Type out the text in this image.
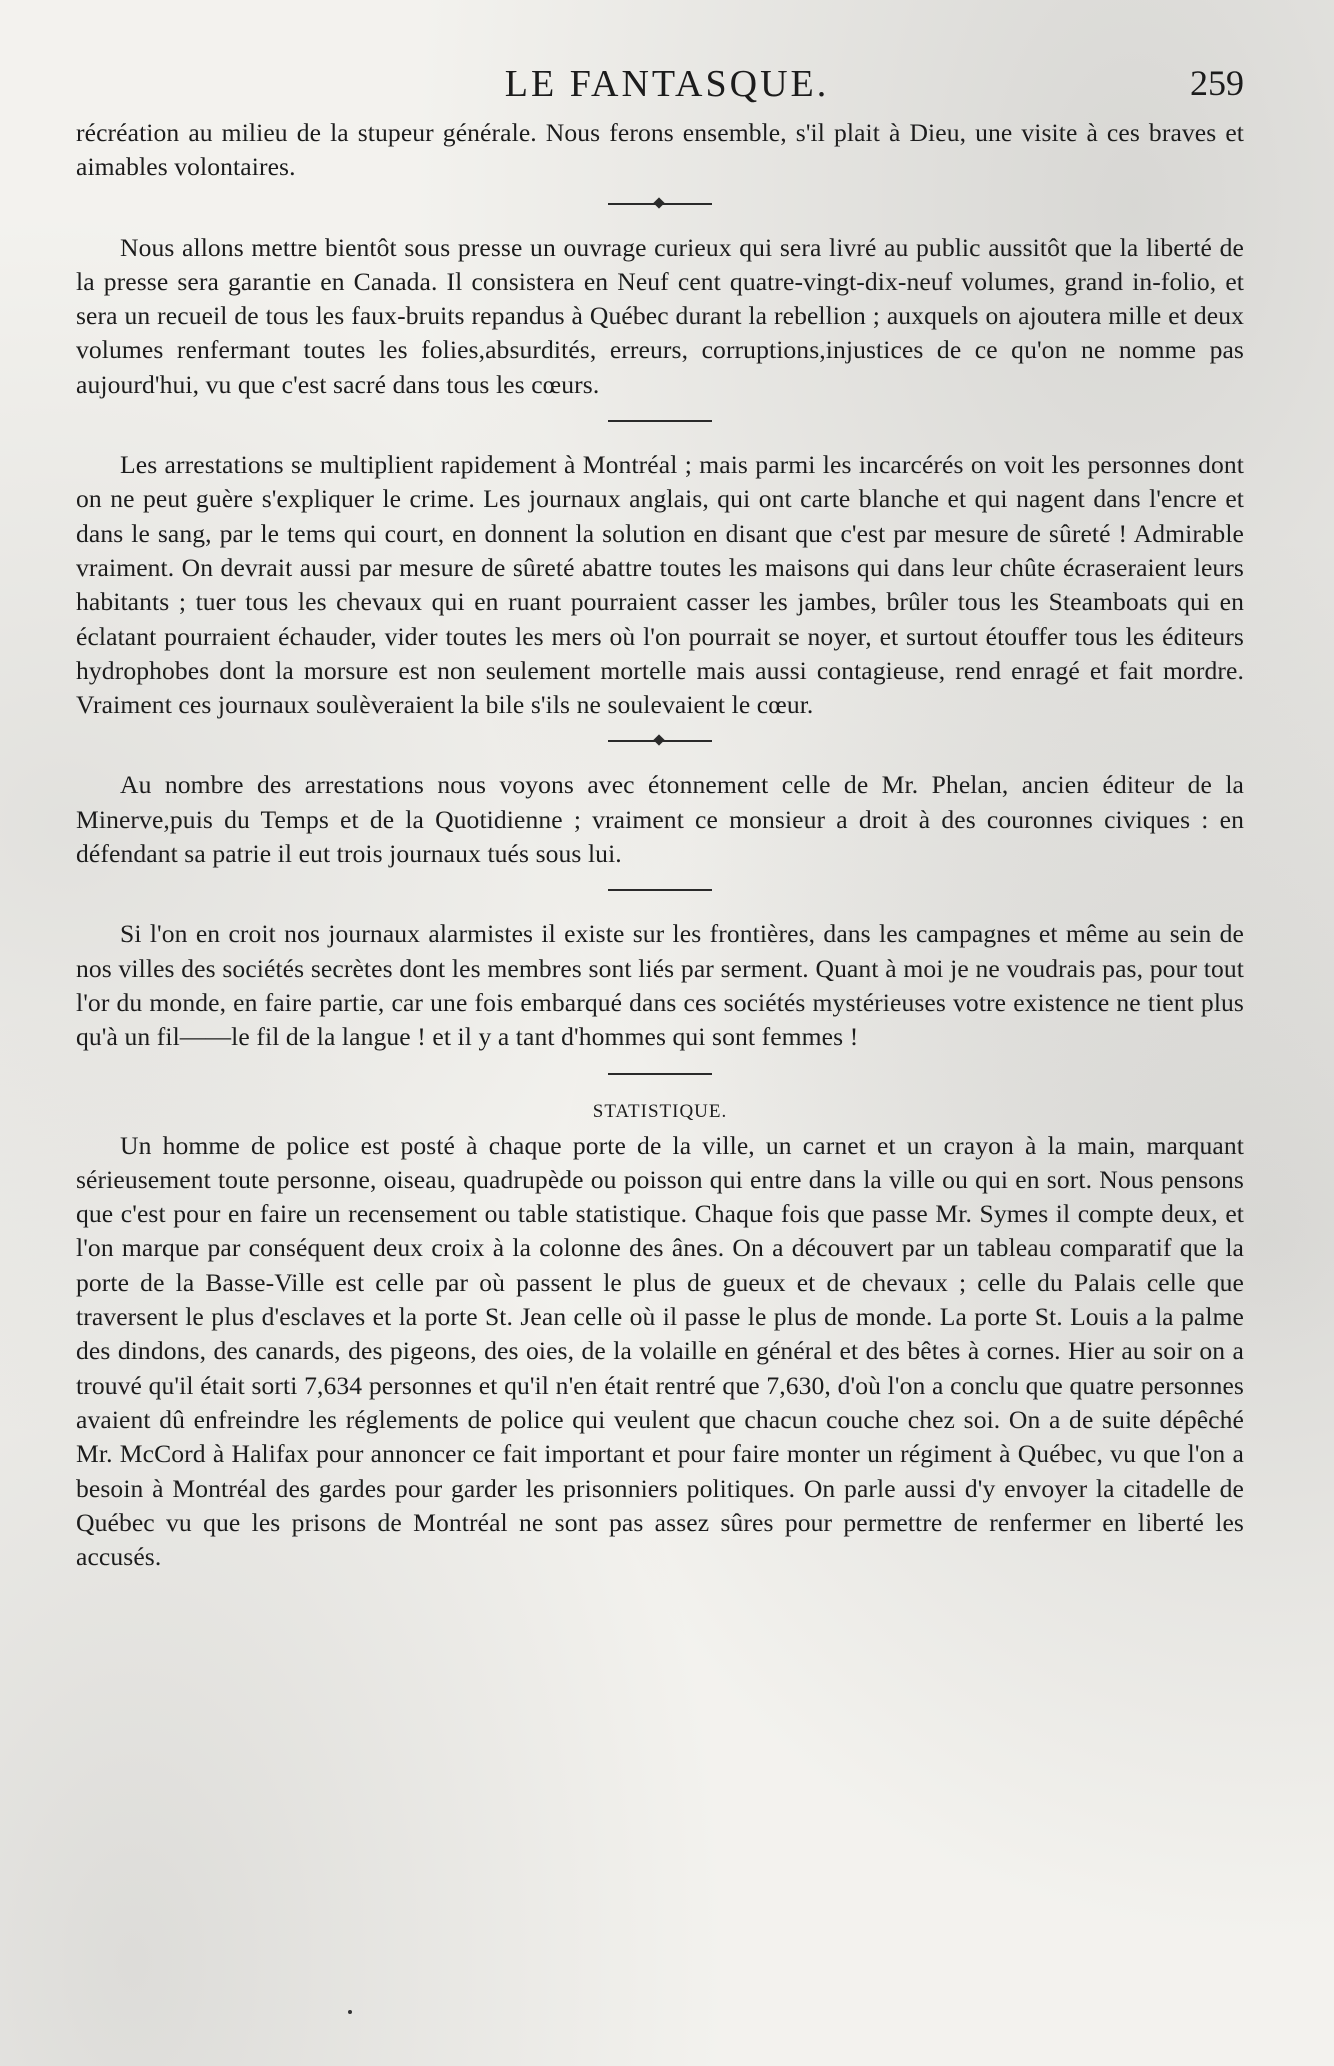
LE FANTASQUE.	259

récréation au milieu de la stupeur générale. Nous ferons ensemble, s'il plait à Dieu, une visite à ces braves et aimables volontaires.

Nous allons mettre bientôt sous presse un ouvrage curieux qui sera livré au public aussitôt que la liberté de la presse sera garantie en Canada. Il consistera en Neuf cent quatre-vingt-dix-neuf volumes, grand in-folio, et sera un recueil de tous les faux-bruits repandus à Québec durant la rebellion ; auxquels on ajoutera mille et deux volumes renfermant toutes les folies,absurdités, erreurs, corruptions,injustices de ce qu'on ne nomme pas aujourd'hui, vu que c'est sacré dans tous les cœurs.

Les arrestations se multiplient rapidement à Montréal ; mais parmi les incarcérés on voit les personnes dont on ne peut guère s'expliquer le crime. Les journaux anglais, qui ont carte blanche et qui nagent dans l'encre et dans le sang, par le tems qui court, en donnent la solution en disant que c'est par mesure de sûreté ! Admirable vraiment. On devrait aussi par mesure de sûreté abattre toutes les maisons qui dans leur chûte écraseraient leurs habitants ; tuer tous les chevaux qui en ruant pourraient casser les jambes, brûler tous les Steamboats qui en éclatant pourraient échauder, vider toutes les mers où l'on pourrait se noyer, et surtout étouffer tous les éditeurs hydrophobes dont la morsure est non seulement mortelle mais aussi contagieuse, rend enragé et fait mordre. Vraiment ces journaux soulèveraient la bile s'ils ne soulevaient le cœur.

Au nombre des arrestations nous voyons avec étonnement celle de Mr. Phelan, ancien éditeur de la Minerve,puis du Temps et de la Quotidienne ; vraiment ce monsieur a droit à des couronnes civiques : en défendant sa patrie il eut trois journaux tués sous lui.

Si l'on en croit nos journaux alarmistes il existe sur les frontières, dans les campagnes et même au sein de nos villes des sociétés secrètes dont les membres sont liés par serment. Quant à moi je ne voudrais pas, pour tout l'or du monde, en faire partie, car une fois embarqué dans ces sociétés mystérieuses votre existence ne tient plus qu'à un fil——le fil de la langue ! et il y a tant d'hommes qui sont femmes !

STATISTIQUE.

Un homme de police est posté à chaque porte de la ville, un carnet et un crayon à la main, marquant sérieusement toute personne, oiseau, quadrupède ou poisson qui entre dans la ville ou qui en sort. Nous pensons que c'est pour en faire un recensement ou table statistique. Chaque fois que passe Mr. Symes il compte deux, et l'on marque par conséquent deux croix à la colonne des ânes. On a découvert par un tableau comparatif que la porte de la Basse-Ville est celle par où passent le plus de gueux et de chevaux ; celle du Palais celle que traversent le plus d'esclaves et la porte St. Jean celle où il passe le plus de monde. La porte St. Louis a la palme des dindons, des canards, des pigeons, des oies, de la volaille en général et des bêtes à cornes. Hier au soir on a trouvé qu'il était sorti 7,634 personnes et qu'il n'en était rentré que 7,630, d'où l'on a conclu que quatre personnes avaient dû enfreindre les réglements de police qui veulent que chacun couche chez soi. On a de suite dépêché Mr. McCord à Halifax pour annoncer ce fait important et pour faire monter un régiment à Québec, vu que l'on a besoin à Montréal des gardes pour garder les prisonniers politiques. On parle aussi d'y envoyer la citadelle de Québec vu que les prisons de Montréal ne sont pas assez sûres pour permettre de renfermer en liberté les accusés.
